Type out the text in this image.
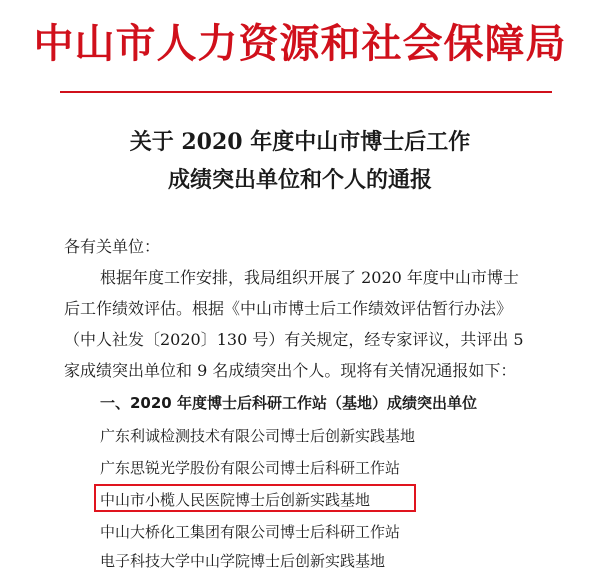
中山市人力资源和社会保障局
关于 2020 年度中山市博士后工作
成绩突出单位和个人的通报
各有关单位：
根据年度工作安排，我局组织开展了 2020 年度中山市博士
后工作绩效评估。根据《中山市博士后工作绩效评估暂行办法》
（中人社发〔2020〕130 号）有关规定，经专家评议，共评出 5
家成绩突出单位和 9 名成绩突出个人。现将有关情况通报如下：
一、2020 年度博士后科研工作站（基地）成绩突出单位
广东利诚检测技术有限公司博士后创新实践基地
广东思锐光学股份有限公司博士后科研工作站
中山市小榄人民医院博士后创新实践基地
中山大桥化工集团有限公司博士后科研工作站
电子科技大学中山学院博士后创新实践基地
